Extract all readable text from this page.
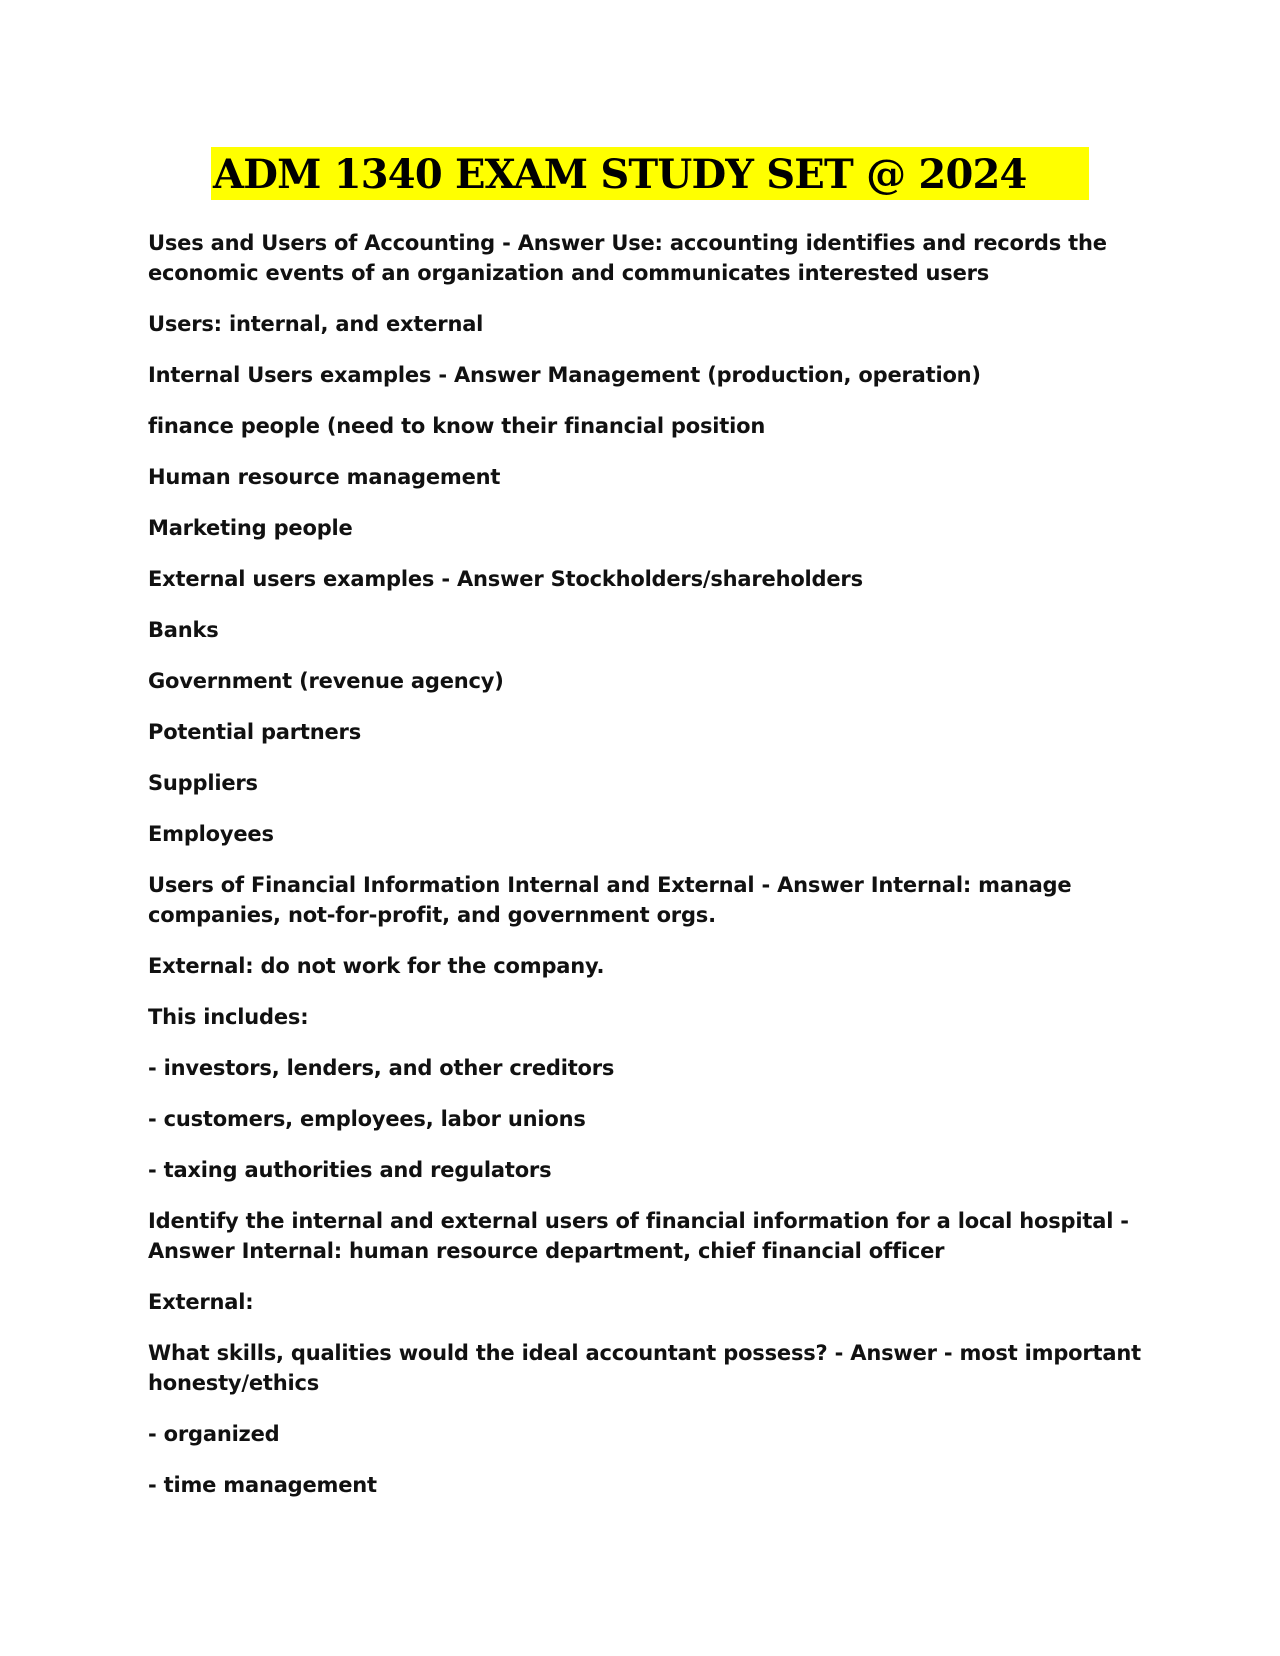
ADM 1340 EXAM STUDY SET @ 2024
Uses and Users of Accounting - Answer Use: accounting identifies and records the
economic events of an organization and communicates interested users
Users: internal, and external
Internal Users examples - Answer Management (production, operation)
finance people (need to know their financial position
Human resource management
Marketing people
External users examples - Answer Stockholders/shareholders
Banks
Government (revenue agency)
Potential partners
Suppliers
Employees
Users of Financial Information Internal and External - Answer Internal: manage
companies, not-for-profit, and government orgs.
External: do not work for the company.
This includes:
- investors, lenders, and other creditors
- customers, employees, labor unions
- taxing authorities and regulators
Identify the internal and external users of financial information for a local hospital -
Answer Internal: human resource department, chief financial officer
External:
What skills, qualities would the ideal accountant possess? - Answer - most important
honesty/ethics
- organized
- time management
